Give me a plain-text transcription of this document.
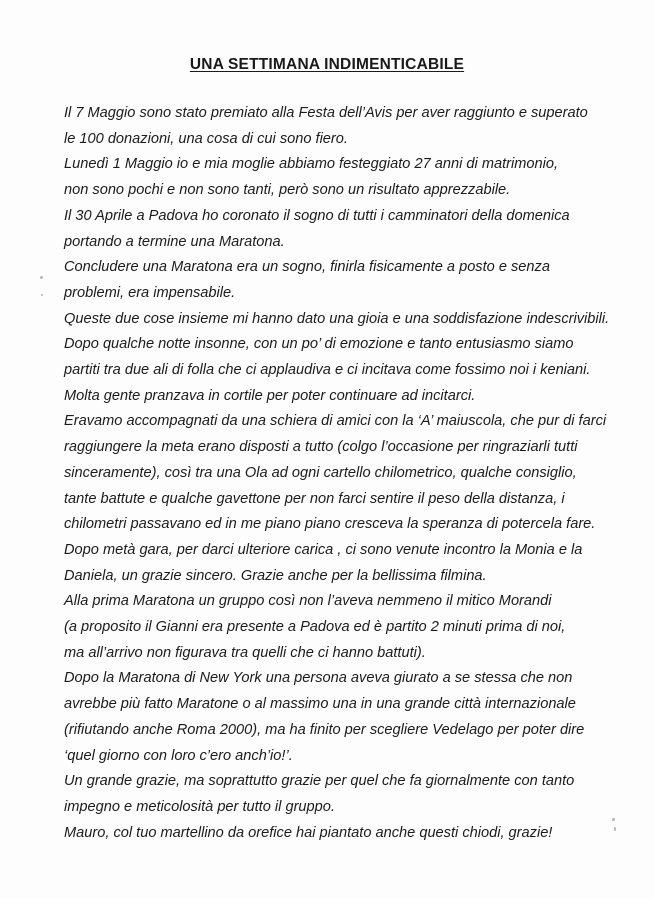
UNA SETTIMANA INDIMENTICABILE
Il 7 Maggio sono stato premiato alla Festa dell’Avis per aver raggiunto e superato
le 100 donazioni, una cosa di cui sono fiero.
Lunedì 1 Maggio io e mia moglie abbiamo festeggiato 27 anni di matrimonio,
non sono pochi e non sono tanti, però sono un risultato apprezzabile.
Il 30 Aprile a Padova ho coronato il sogno di tutti i camminatori della domenica
portando a termine una Maratona.
Concludere una Maratona era un sogno, finirla fisicamente a posto e senza
problemi, era impensabile.
Queste due cose insieme mi hanno dato una gioia e una soddisfazione indescrivibili.
Dopo qualche notte insonne, con un po’ di emozione e tanto entusiasmo siamo
partiti tra due ali di folla che ci applaudiva e ci incitava come fossimo noi i keniani.
Molta gente pranzava in cortile per poter continuare ad incitarci.
Eravamo accompagnati da una schiera di amici con la ‘A’ maiuscola, che pur di farci
raggiungere la meta erano disposti a tutto (colgo l’occasione per ringraziarli tutti
sinceramente), così tra una Ola ad ogni cartello chilometrico, qualche consiglio,
tante battute e qualche gavettone per non farci sentire il peso della distanza, i
chilometri passavano ed in me piano piano cresceva la speranza di potercela fare.
Dopo metà gara, per darci ulteriore carica , ci sono venute incontro la Monia e la
Daniela, un grazie sincero. Grazie anche per la bellissima filmina.
Alla prima Maratona un gruppo così non l’aveva nemmeno il mitico Morandi
(a proposito il Gianni era presente a Padova ed è partito 2 minuti prima di noi,
ma all’arrivo non figurava tra quelli che ci hanno battuti).
Dopo la Maratona di New York una persona aveva giurato a se stessa che non
avrebbe più fatto Maratone o al massimo una in una grande città internazionale
(rifiutando anche Roma 2000), ma ha finito per scegliere Vedelago per poter dire
‘quel giorno con loro c’ero anch’io!’.
Un grande grazie, ma soprattutto grazie per quel che fa giornalmente con tanto
impegno e meticolosità per tutto il gruppo.
Mauro, col tuo martellino da orefice hai piantato anche questi chiodi, grazie!
